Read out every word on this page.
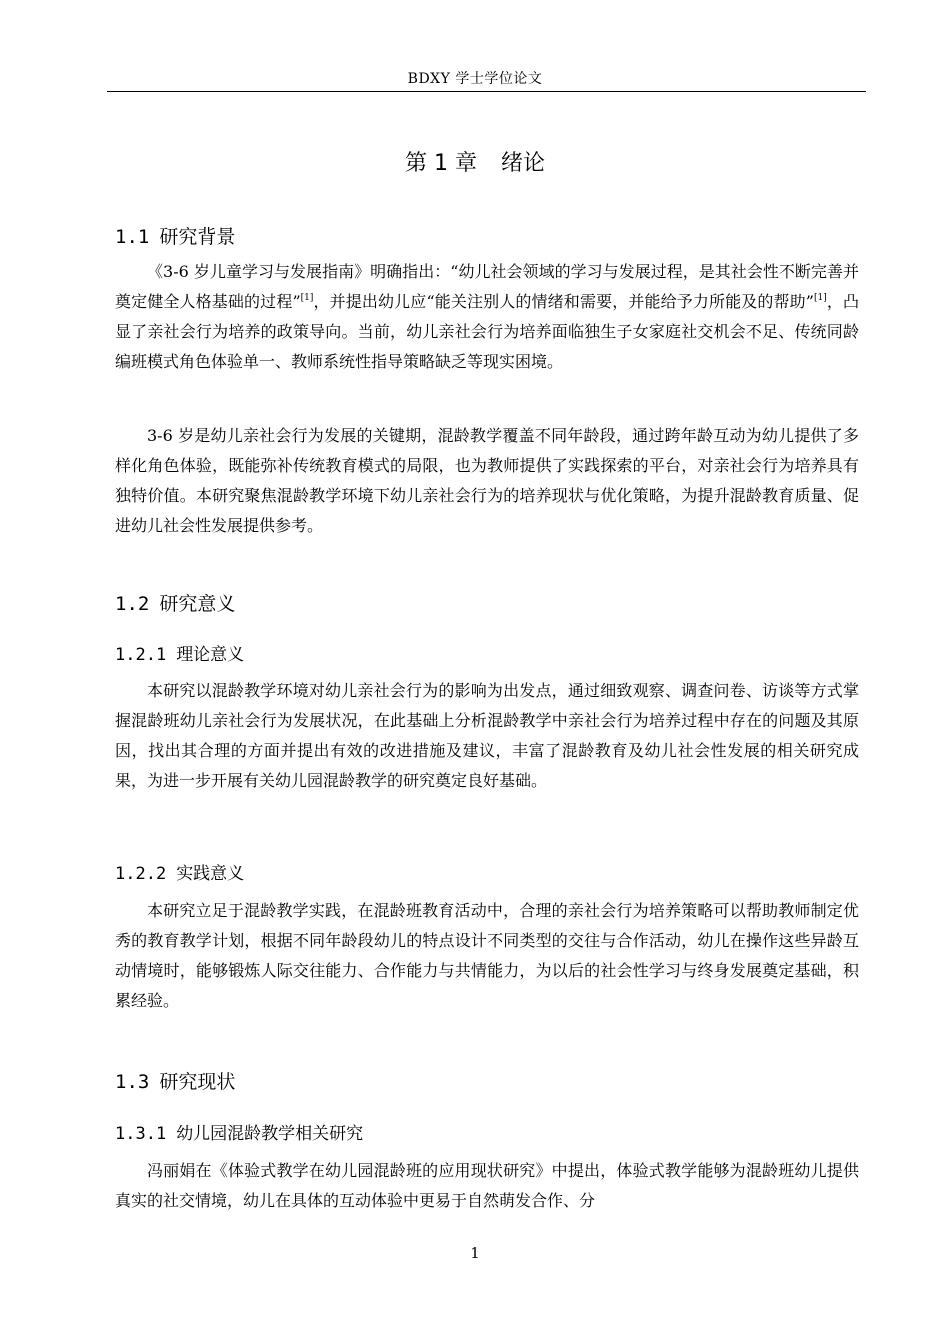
BDXY 学士学位论文
第 1 章 绪论
1.1 研究背景

《3-6 岁儿童学习与发展指南》明确指出：“幼儿社会领域的学习与发展过程，是其社会性不断完善并奠定健全人格基础的过程”[1]，并提出幼儿应“能关注别人的情绪和需要，并能给予力所能及的帮助”[1]，凸显了亲社会行为培养的政策导向。当前，幼儿亲社会行为培养面临独生子女家庭社交机会不足、传统同龄编班模式角色体验单一、教师系统性指导策略缺乏等现实困境。

3-6 岁是幼儿亲社会行为发展的关键期，混龄教学覆盖不同年龄段，通过跨年龄互动为幼儿提供了多样化角色体验，既能弥补传统教育模式的局限，也为教师提供了实践探索的平台，对亲社会行为培养具有独特价值。本研究聚焦混龄教学环境下幼儿亲社会行为的培养现状与优化策略，为提升混龄教育质量、促进幼儿社会性发展提供参考。

1.2 研究意义
1.2.1 理论意义

本研究以混龄教学环境对幼儿亲社会行为的影响为出发点，通过细致观察、调查问卷、访谈等方式掌握混龄班幼儿亲社会行为发展状况，在此基础上分析混龄教学中亲社会行为培养过程中存在的问题及其原因，找出其合理的方面并提出有效的改进措施及建议，丰富了混龄教育及幼儿社会性发展的相关研究成果，为进一步开展有关幼儿园混龄教学的研究奠定良好基础。

1.2.2 实践意义

本研究立足于混龄教学实践，在混龄班教育活动中，合理的亲社会行为培养策略可以帮助教师制定优秀的教育教学计划，根据不同年龄段幼儿的特点设计不同类型的交往与合作活动，幼儿在操作这些异龄互动情境时，能够锻炼人际交往能力、合作能力与共情能力，为以后的社会性学习与终身发展奠定基础，积累经验。

1.3 研究现状
1.3.1 幼儿园混龄教学相关研究

冯丽娟在《体验式教学在幼儿园混龄班的应用现状研究》中提出，体验式教学能够为混龄班幼儿提供真实的社交情境，幼儿在具体的互动体验中更易于自然萌发合作、分

1
